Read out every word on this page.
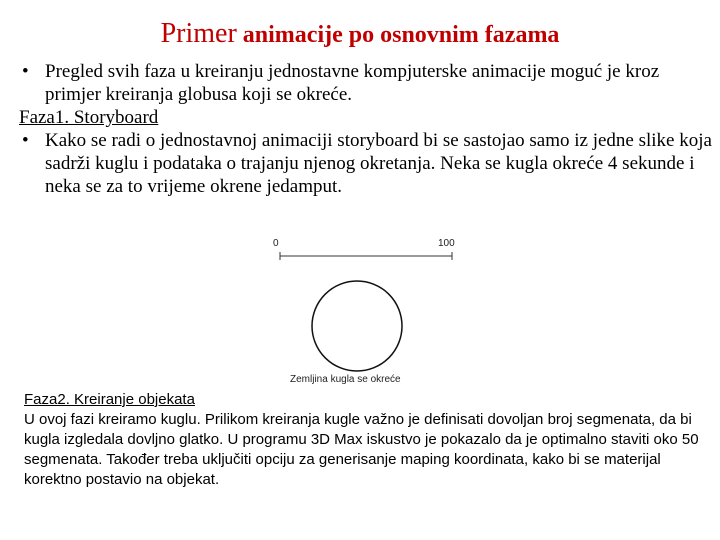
Primer animacije po osnovnim fazama

• Pregled svih faza u kreiranju jednostavne kompjuterske animacije moguć je kroz primjer kreiranja globusa koji se okreće.

Faza1. Storyboard

• Kako se radi o jednostavnoj animaciji storyboard bi se sastojao samo iz jedne slike koja sadrži kuglu i podataka o trajanju njenog okretanja. Neka se kugla okreće 4 sekunde i neka se za to vrijeme okrene jedamput.

0	100
Zemljina kugla se okreće

Faza2. Kreiranje objekata

U ovoj fazi kreiramo kuglu. Prilikom kreiranja kugle važno je definisati dovoljan broj segmenata, da bi kugla izgledala dovljno glatko. U programu 3D Max iskustvo je pokazalo da je optimalno staviti oko 50 segmenata. Također treba uključiti opciju za generisanje maping koordinata, kako bi se materijal korektno postavio na objekat.
